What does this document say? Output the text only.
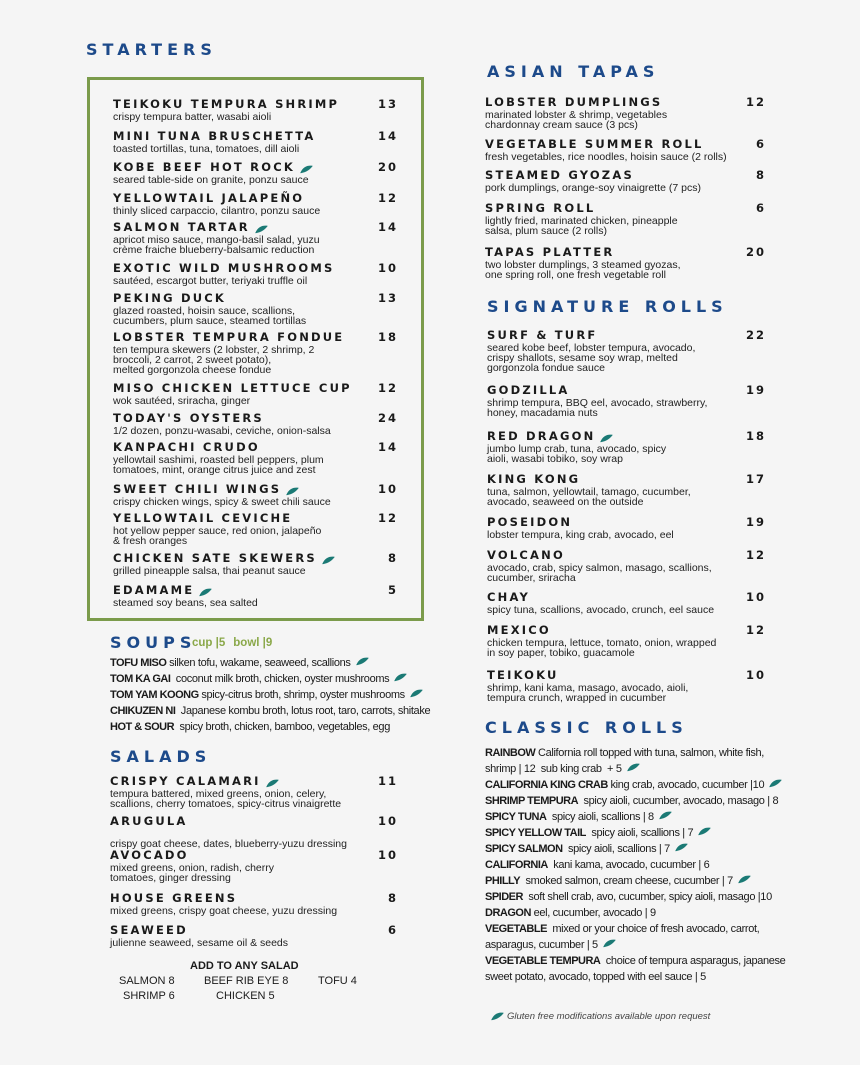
STARTERS
ASIAN TAPAS
SIGNATURE ROLLS
CLASSIC ROLLS
SOUPS
cup |5 bowl |9
SALADS
ADD TO ANY SALAD
SALMON 8	BEEF RIB EYE 8	TOFU 4
SHRIMP 6	CHICKEN 5
Gluten free modifications available upon request
TEIKOKU TEMPURA SHRIMP	13
crispy tempura batter, wasabi aioli
MINI TUNA BRUSCHETTA	14
toasted tortillas, tuna, tomatoes, dill aioli
KOBE BEEF HOT ROCK	20
seared table-side on granite, ponzu sauce
YELLOWTAIL JALAPEÑO	12
thinly sliced carpaccio, cilantro, ponzu sauce
SALMON TARTAR	14
apricot miso sauce, mango-basil salad, yuzu
crème fraiche blueberry-balsamic reduction
EXOTIC WILD MUSHROOMS	10
sautéed, escargot butter, teriyaki truffle oil
PEKING DUCK	13
glazed roasted, hoisin sauce, scallions,
cucumbers, plum sauce, steamed tortillas
LOBSTER TEMPURA FONDUE	18
ten tempura skewers (2 lobster, 2 shrimp, 2
broccoli, 2 carrot, 2 sweet potato),
melted gorgonzola cheese fondue
MISO CHICKEN LETTUCE CUP 12
wok sautéed, sriracha, ginger
TODAY'S OYSTERS	24
1/2 dozen, ponzu-wasabi, ceviche, onion-salsa
KANPACHI CRUDO	14
yellowtail sashimi, roasted bell peppers, plum
tomatoes, mint, orange citrus juice and zest
SWEET CHILI WINGS	10
crispy chicken wings, spicy & sweet chili sauce
YELLOWTAIL CEVICHE	12
hot yellow pepper sauce, red onion, jalapeño
& fresh oranges
CHICKEN SATE SKEWERS	8
grilled pineapple salsa, thai peanut sauce
EDAMAME	5
steamed soy beans, sea salted
LOBSTER DUMPLINGS	12
marinated lobster & shrimp, vegetables
chardonnay cream sauce (3 pcs)
VEGETABLE SUMMER ROLL	6
fresh vegetables, rice noodles, hoisin sauce (2 rolls)
STEAMED GYOZAS	8
pork dumplings, orange-soy vinaigrette (7 pcs)
SPRING ROLL	6
lightly fried, marinated chicken, pineapple
salsa, plum sauce (2 rolls)
TAPAS PLATTER	20
two lobster dumplings, 3 steamed gyozas,
one spring roll, one fresh vegetable roll
SURF & TURF	22
seared kobe beef, lobster tempura, avocado,
crispy shallots, sesame soy wrap, melted
gorgonzola fondue sauce
GODZILLA	19
shrimp tempura, BBQ eel, avocado, strawberry,
honey, macadamia nuts
RED DRAGON	18
jumbo lump crab, tuna, avocado, spicy
aioli, wasabi tobiko, soy wrap
KING KONG	17
tuna, salmon, yellowtail, tamago, cucumber,
avocado, seaweed on the outside
POSEIDON	19
lobster tempura, king crab, avocado, eel
VOLCANO	12
avocado, crab, spicy salmon, masago, scallions,
cucumber, sriracha
CHAY	10
spicy tuna, scallions, avocado, crunch, eel sauce
MEXICO	12
chicken tempura, lettuce, tomato, onion, wrapped
in soy paper, tobiko, guacamole
TEIKOKU	10
shrimp, kani kama, masago, avocado, aioli,
tempura crunch, wrapped in cucumber
CRISPY CALAMARI	11
tempura battered, mixed greens, onion, celery,
scallions, cherry tomatoes, spicy-citrus vinaigrette
ARUGULA	10

crispy goat cheese, dates, blueberry-yuzu dressing
AVOCADO	10
mixed greens, onion, radish, cherry
tomatoes, ginger dressing
HOUSE GREENS	8
mixed greens, crispy goat cheese, yuzu dressing
SEAWEED	6
julienne seaweed, sesame oil & seeds
TOFU MISO silken tofu, wakame, seaweed, scallions
TOM KA GAI  coconut milk broth, chicken, oyster mushrooms
TOM YAM KOONG spicy-citrus broth, shrimp, oyster mushrooms
CHIKUZEN NI  Japanese kombu broth, lotus root, taro, carrots, shitake
HOT & SOUR  spicy broth, chicken, bamboo, vegetables, egg
RAINBOW California roll topped with tuna, salmon, white fish,
shrimp | 12  sub king crab  + 5
CALIFORNIA KING CRAB king crab, avocado, cucumber |10
SHRIMP TEMPURA  spicy aioli, cucumber, avocado, masago | 8
SPICY TUNA  spicy aioli, scallions | 8
SPICY YELLOW TAIL  spicy aioli, scallions | 7
SPICY SALMON  spicy aioli, scallions | 7
CALIFORNIA  kani kama, avocado, cucumber | 6
PHILLY  smoked salmon, cream cheese, cucumber | 7
SPIDER  soft shell crab, avo, cucumber, spicy aioli, masago |10
DRAGON eel, cucumber, avocado | 9
VEGETABLE  mixed or your choice of fresh avocado, carrot,
asparagus, cucumber | 5
VEGETABLE TEMPURA  choice of tempura asparagus, japanese
sweet potato, avocado, topped with eel sauce | 5
